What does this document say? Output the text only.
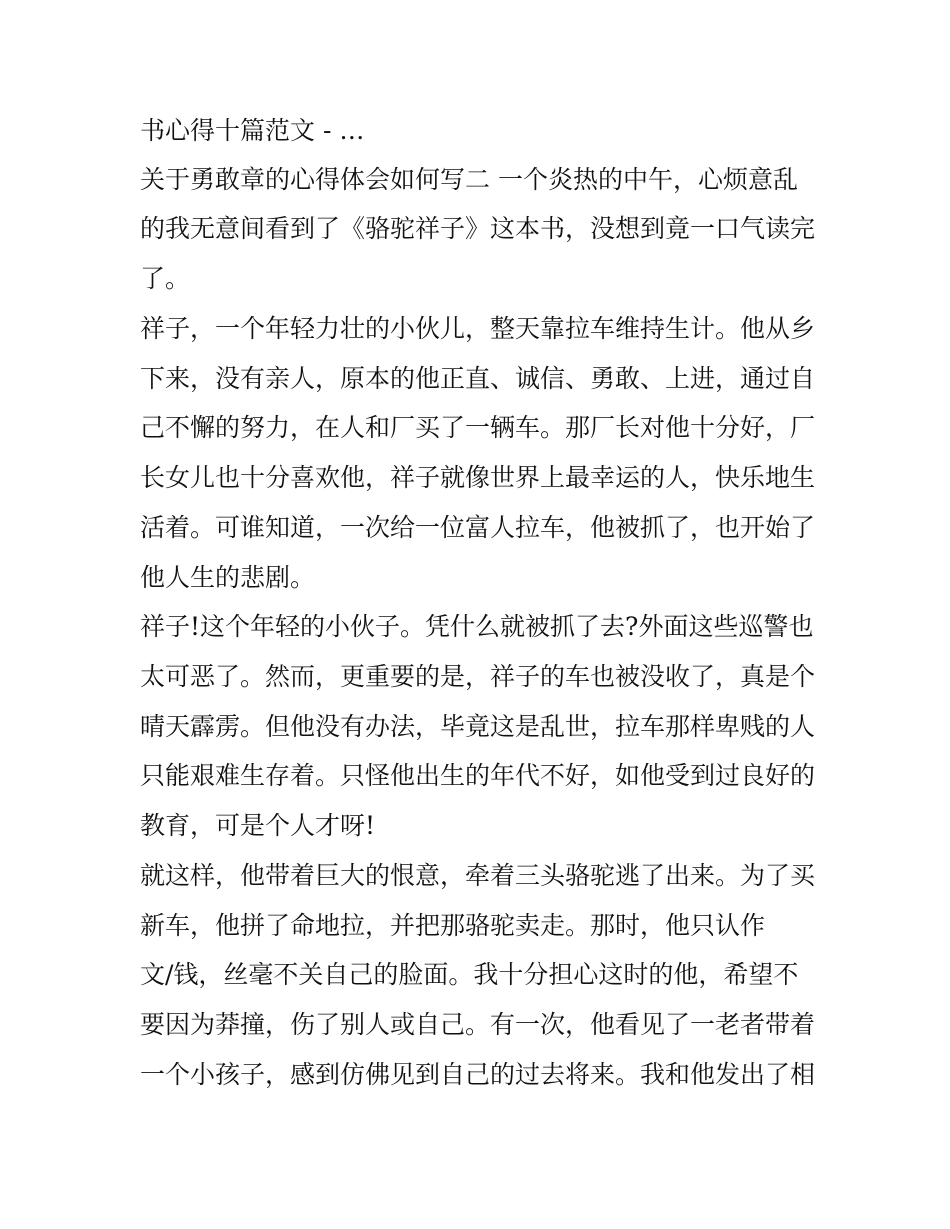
书心得十篇范文 - …

关于勇敢章的心得体会如何写二 一个炎热的中午，心烦意乱

的我无意间看到了《骆驼祥子》这本书，没想到竟一口气读完

了。

祥子，一个年轻力壮的小伙儿，整天靠拉车维持生计。他从乡

下来，没有亲人，原本的他正直、诚信、勇敢、上进，通过自

己不懈的努力，在人和厂买了一辆车。那厂长对他十分好，厂

长女儿也十分喜欢他，祥子就像世界上最幸运的人，快乐地生

活着。可谁知道，一次给一位富人拉车，他被抓了，也开始了

他人生的悲剧。

祥子!这个年轻的小伙子。凭什么就被抓了去?外面这些巡警也

太可恶了。然而，更重要的是，祥子的车也被没收了，真是个

晴天霹雳。但他没有办法，毕竟这是乱世，拉车那样卑贱的人

只能艰难生存着。只怪他出生的年代不好，如他受到过良好的

教育，可是个人才呀!

就这样，他带着巨大的恨意，牵着三头骆驼逃了出来。为了买

新车，他拼了命地拉，并把那骆驼卖走。那时，他只认作

文/钱，丝毫不关自己的脸面。我十分担心这时的他，希望不

要因为莽撞，伤了别人或自己。有一次，他看见了一老者带着

一个小孩子，感到仿佛见到自己的过去将来。我和他发出了相
